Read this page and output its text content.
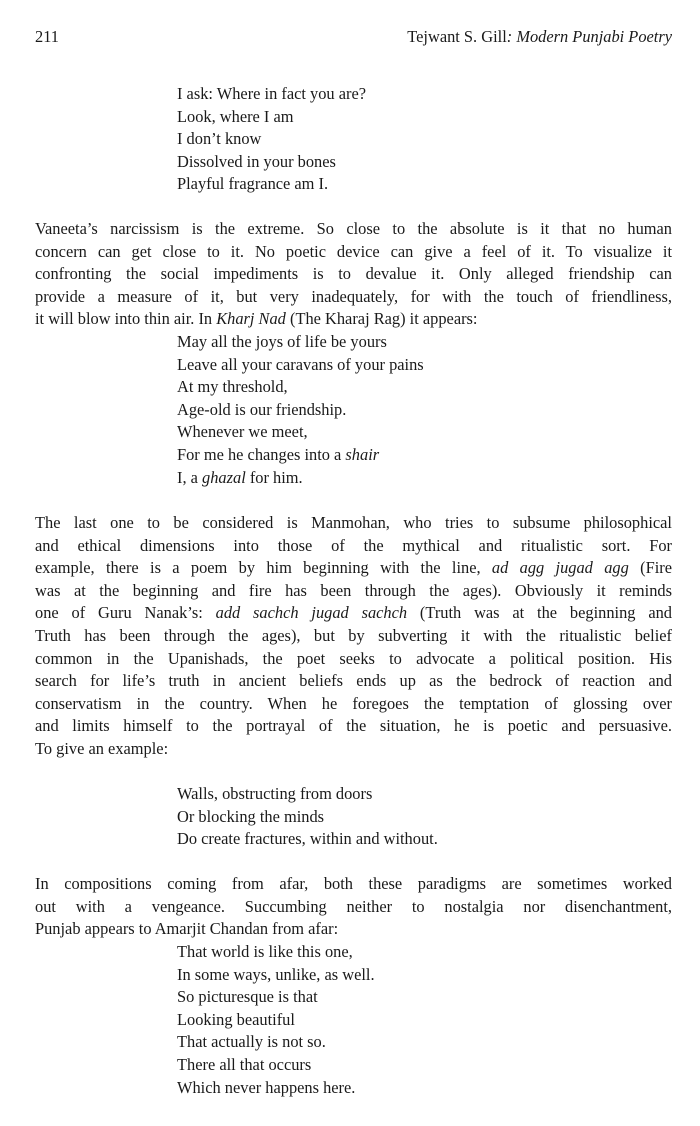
211	Tejwant S. Gill: Modern Punjabi Poetry
I ask: Where in fact you are?
Look, where I am
I don’t know
Dissolved in your bones
Playful fragrance am I.
Vaneeta’s narcissism is the extreme. So close to the absolute is it that no human
concern can get close to it. No poetic device can give a feel of it. To visualize it
confronting the social impediments is to devalue it. Only alleged friendship can
provide a measure of it, but very inadequately, for with the touch of friendliness,
it will blow into thin air. In Kharj Nad (The Kharaj Rag) it appears:
May all the joys of life be yours
Leave all your caravans of your pains
At my threshold,
Age-old is our friendship.
Whenever we meet,
For me he changes into a shair
I, a ghazal for him.
The last one to be considered is Manmohan, who tries to subsume philosophical
and ethical dimensions into those of the mythical and ritualistic sort. For
example, there is a poem by him beginning with the line, ad agg jugad agg (Fire
was at the beginning and fire has been through the ages). Obviously it reminds
one of Guru Nanak’s: add sachch jugad sachch (Truth was at the beginning and
Truth has been through the ages), but by subverting it with the ritualistic belief
common in the Upanishads, the poet seeks to advocate a political position. His
search for life’s truth in ancient beliefs ends up as the bedrock of reaction and
conservatism in the country. When he foregoes the temptation of glossing over
and limits himself to the portrayal of the situation, he is poetic and persuasive.
To give an example:
Walls, obstructing from doors
Or blocking the minds
Do create fractures, within and without.
In compositions coming from afar, both these paradigms are sometimes worked
out with a vengeance. Succumbing neither to nostalgia nor disenchantment,
Punjab appears to Amarjit Chandan from afar:
That world is like this one,
In some ways, unlike, as well.
So picturesque is that
Looking beautiful
That actually is not so.
There all that occurs
Which never happens here.
